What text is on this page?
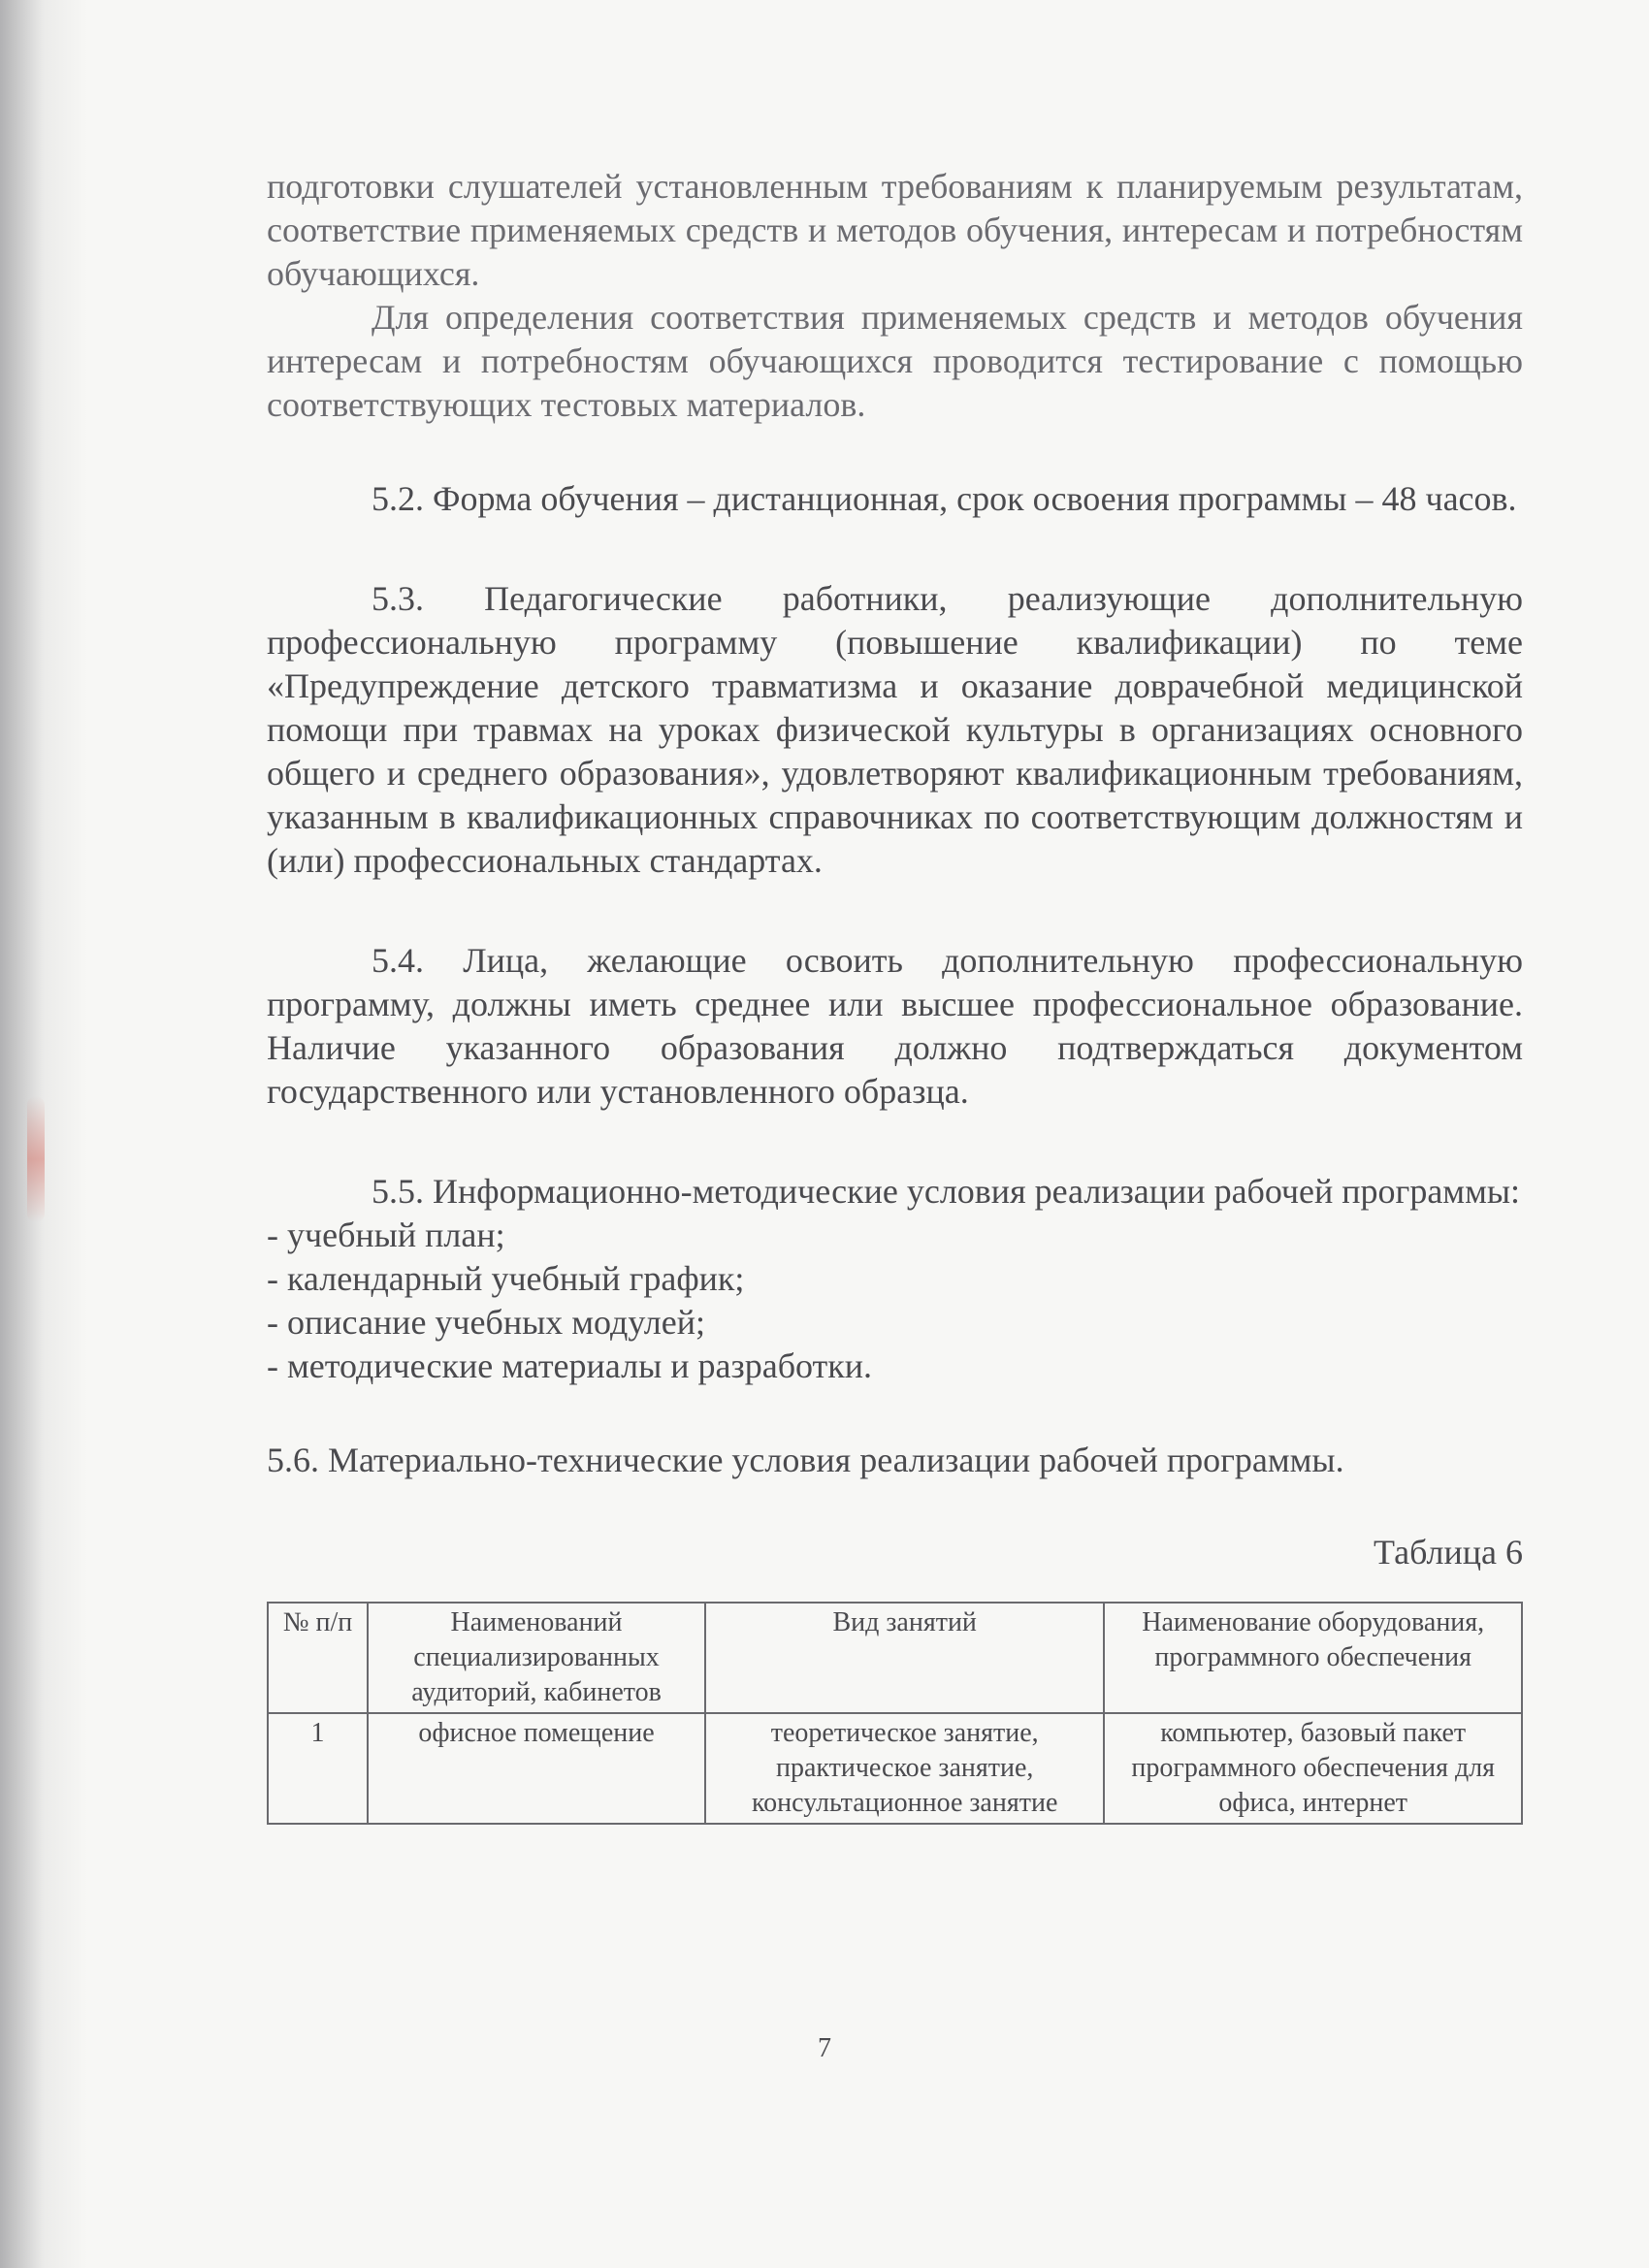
подготовки слушателей установленным требованиям к планируемым результатам, соответствие применяемых средств и методов обучения, интересам и потребностям обучающихся.

Для определения соответствия применяемых средств и методов обучения интересам и потребностям обучающихся проводится тестирование с помощью соответствующих тестовых материалов.

5.2. Форма обучения – дистанционная, срок освоения программы – 48 часов.

5.3. Педагогические работники, реализующие дополнительную профессиональную программу (повышение квалификации) по теме «Предупреждение детского травматизма и оказание доврачебной медицинской помощи при травмах на уроках физической культуры в организациях основного общего и среднего образования», удовлетворяют квалификационным требованиям, указанным в квалификационных справочниках по соответствующим должностям и (или) профессиональных стандартах.

5.4. Лица, желающие освоить дополнительную профессиональную программу, должны иметь среднее или высшее профессиональное образование. Наличие указанного образования должно подтверждаться документом государственного или установленного образца.

5.5. Информационно-методические условия реализации рабочей программы:

- учебный план;

- календарный учебный график;

- описание учебных модулей;

- методические материалы и разработки.

5.6. Материально-технические условия реализации рабочей программы.

Таблица 6
№ п/п	Наименований специализированных аудиторий, кабинетов	Вид занятий	Наименование оборудования, программного обеспечения
1	офисное помещение	теоретическое занятие, практическое занятие, консультационное занятие	компьютер, базовый пакет программного обеспечения для офиса, интернет
7
